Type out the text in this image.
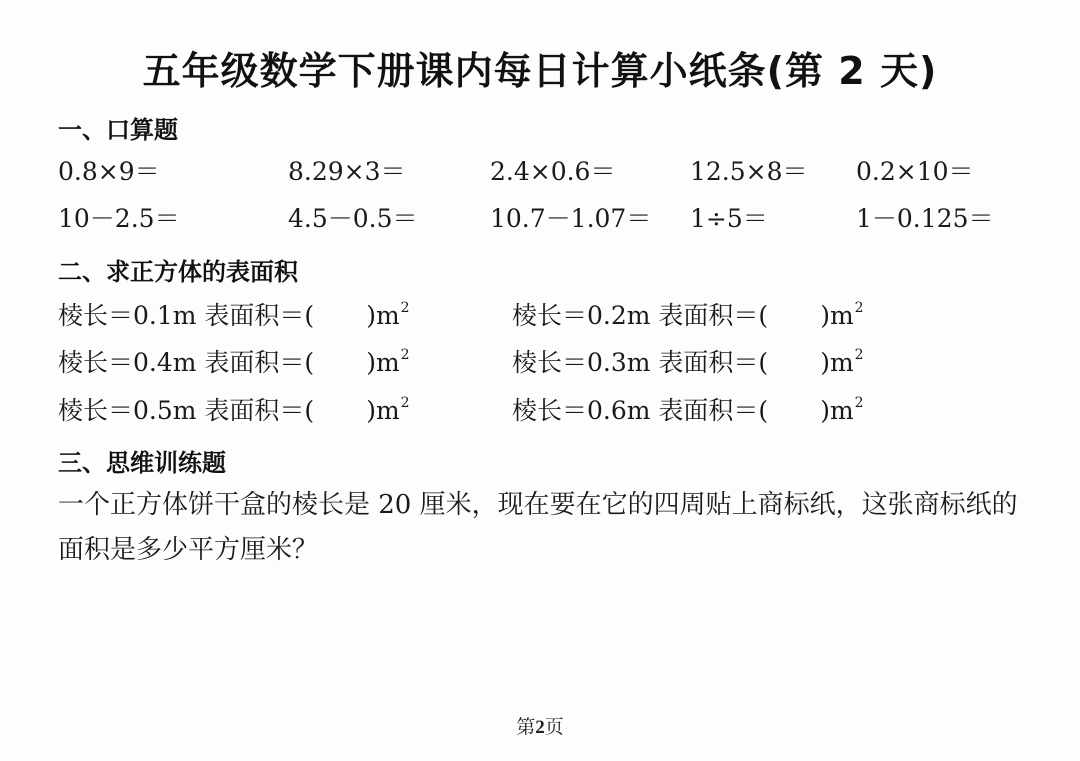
五年级数学下册课内每日计算小纸条(第 2 天)
一、口算题
0.8×9＝	8.29×3＝	2.4×0.6＝	12.5×8＝ 0.2×10＝
10－2.5＝	4.5－0.5＝	10.7－1.07＝ 1÷5＝	1－0.125＝
二、求正方体的表面积
棱长＝0.1m 表面积＝( )$m^2$	棱长＝0.2m 表面积＝( )$m^2$
棱长＝0.4m 表面积＝( )$m^2$	棱长＝0.3m 表面积＝( )$m^2$
棱长＝0.5m 表面积＝( )$m^2$	棱长＝0.6m 表面积＝( )$m^2$
三、思维训练题
一个正方体饼干盒的棱长是 20 厘米，现在要在它的四周贴上商标纸，这张商标纸的面积是多少平方厘米？
第2页
